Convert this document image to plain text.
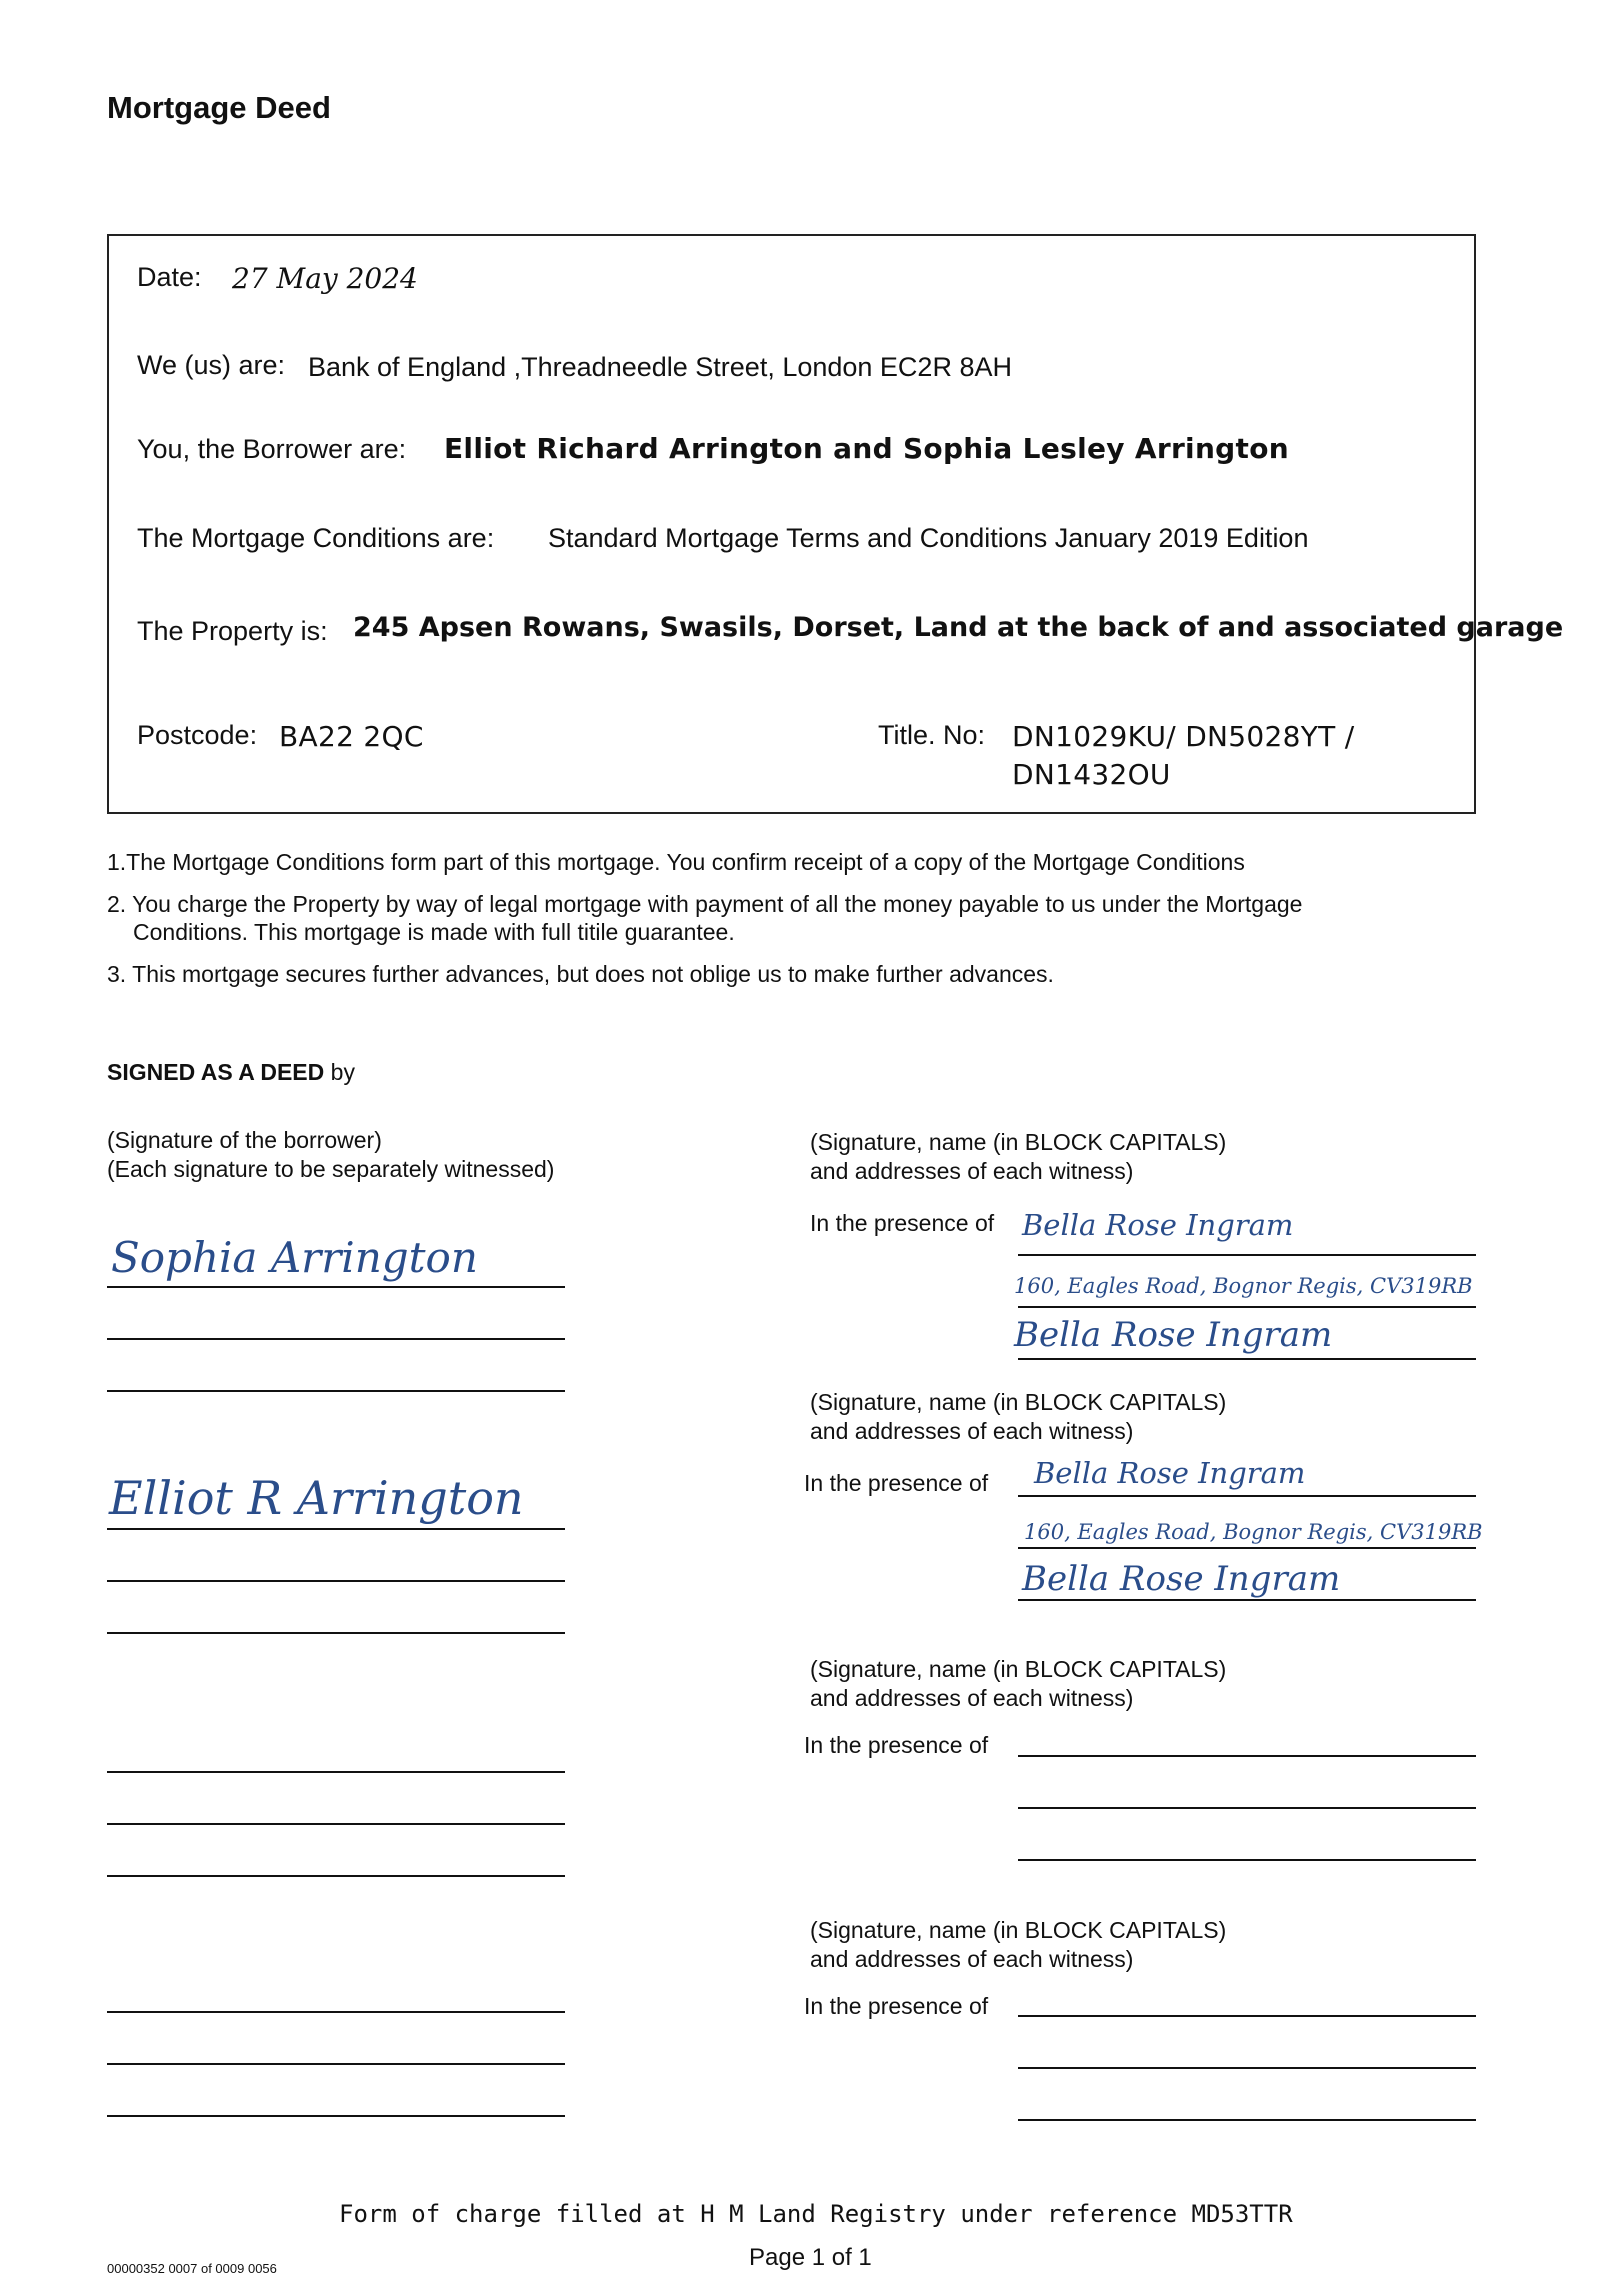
Mortgage Deed
Date: 27 May 2024
We (us) are: Bank of England ,Threadneedle Street, London EC2R 8AH
You, the Borrower are: Elliot Richard Arrington and Sophia Lesley Arrington
The Mortgage Conditions are: Standard Mortgage Terms and Conditions January 2019 Edition
The Property is: 245 Apsen Rowans, Swasils, Dorset, Land at the back of and associated garage
Postcode: BA22 2QC	Title. No: DN1029KU/ DN5028YT /
DN1432OU
1.The Mortgage Conditions form part of this mortgage. You confirm receipt of a copy of the Mortgage Conditions
2. You charge the Property by way of legal mortgage with payment of all the money payable to us under the Mortgage
Conditions. This mortgage is made with full titile guarantee.
3. This mortgage secures further advances, but does not oblige us to make further advances.
SIGNED AS A DEED by
(Signature of the borrower)
(Each signature to be separately witnessed)
Sophia Arrington
Elliot R Arrington
(Signature, name (in BLOCK CAPITALS)
and addresses of each witness)
In the presence of Bella Rose Ingram
160, Eagles Road, Bognor Regis, CV319RB
Bella Rose Ingram
(Signature, name (in BLOCK CAPITALS)
and addresses of each witness)
In the presence of Bella Rose Ingram
160, Eagles Road, Bognor Regis, CV319RB
Bella Rose Ingram
(Signature, name (in BLOCK CAPITALS)
and addresses of each witness)
In the presence of
(Signature, name (in BLOCK CAPITALS)
and addresses of each witness)
In the presence of
Form of charge filled at H M Land Registry under reference MD53TTR
Page 1 of 1
00000352 0007 of 0009 0056
